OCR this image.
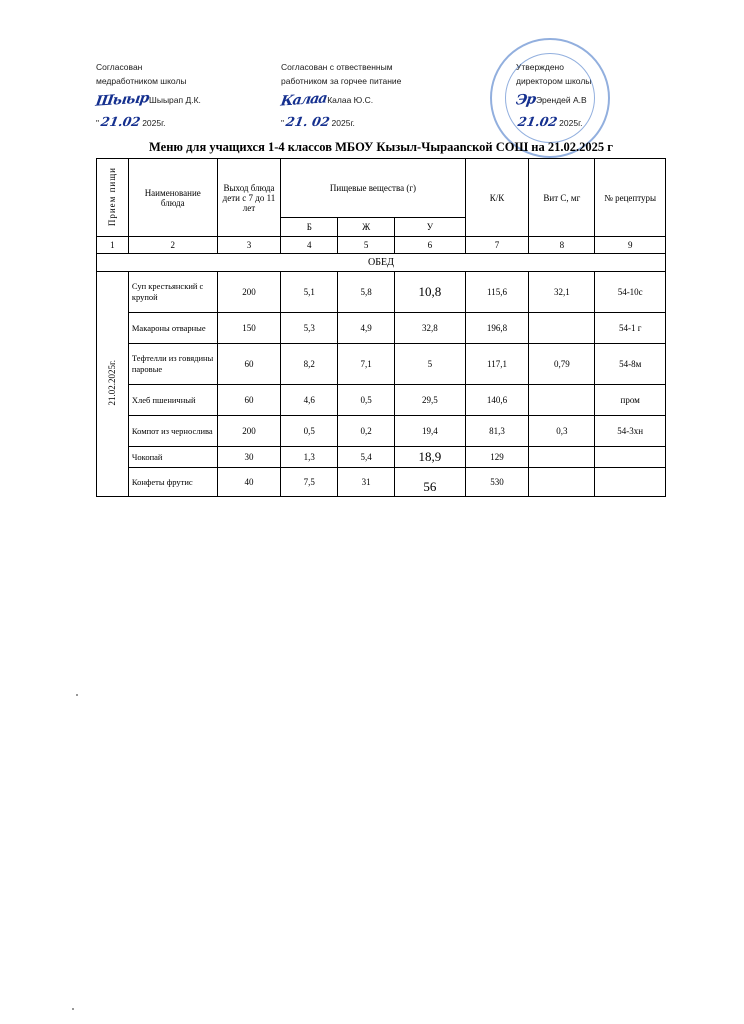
Согласован
медработником школы
ШыырШыырап Д.К.
"21.022025г.
Согласован с отвественным
работником за горчее питание
КалааКалаа Ю.С.
"21. 022025г.
Утверждено
директором школы
ЭрЭрендей А.В
21.022025г.
Меню для учащихся 1-4 классов МБОУ Кызыл-Чырааnской СОШ на 21.02.2025 г
Прием пищи	Наименование блюда	Выход блюда дети с 7 до 11 лет	Пищевые вещества (г)			К/К	Вит С, мг	№ рецептуры
			Б	Ж	У			
1	2	3	4	5	6	7	8	9
ОБЕД								
21.02.2025г.	Суп крестьянский с крупой	200	5,1	5,8	10,8	115,6	32,1	54-10с
	Макароны отварные	150	5,3	4,9	32,8	196,8		54-1 г
	Тефтелли из говядины паровые	60	8,2	7,1	5	117,1	0,79	54-8м
	Хлеб пшеничный	60	4,6	0,5	29,5	140,6		пром
	Компот из чернослива	200	0,5	0,2	19,4	81,3	0,3	54-3хн
	Чокопай	30	1,3	5,4	18,9	129		
	Конфеты фрутис	40	7,5	31	56	530		
